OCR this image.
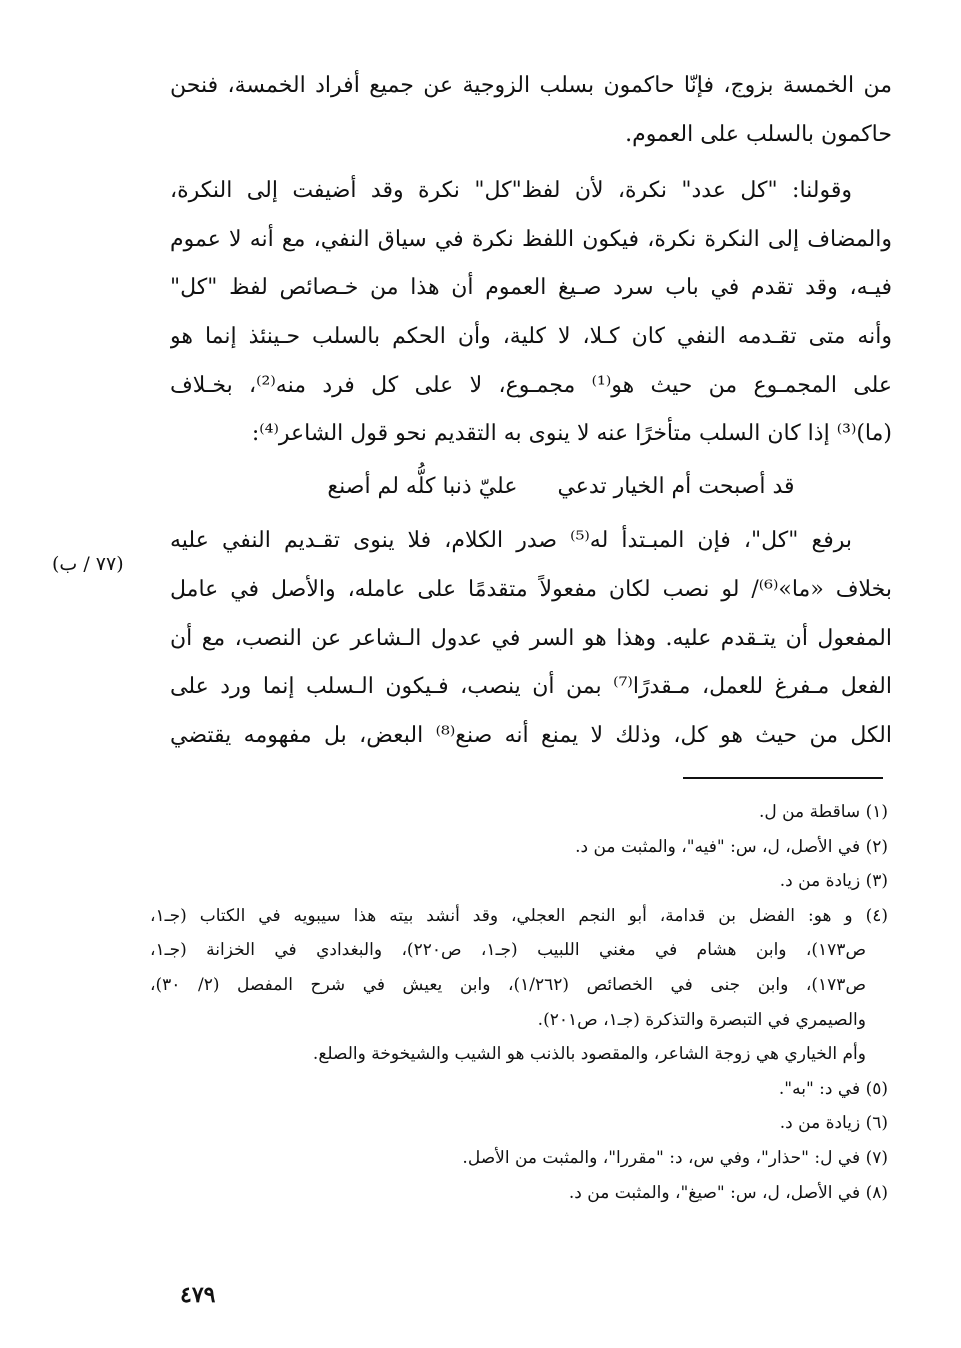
من الخمسة بزوج، فإنّا حاكمون بسلب الزوجية عن جميع أفراد الخمسة، فنحن
حاكمون بالسلب على العموم.

وقولنا: "كل عدد" نكرة، لأن لفظ"كل" نكرة وقد أضيفت إلى النكرة،
والمضاف إلى النكرة نكرة، فيكون اللفظ نكرة في سياق النفي، مع أنه لا عموم
فيـه، وقد تقدم في باب سرد صـيغ العموم أن هذا من خـصائص لفظ "كل"
وأنه متى تقـدمه النفي كان كـلا، لا كلية، وأن الحكم بالسلب حـينئذ إنما هو
على المجمـوع من حيث هو⁽¹⁾ مجمـوع، لا على كل فرد منه⁽²⁾، بخـلاف
(ما)⁽³⁾ إذا كان السلب متأخرًا عنه لا ينوى به التقديم نحو قول الشاعر⁽⁴⁾:

قد أصبحت أم الخيار تدعي
عليّ ذنبا كلُّه لم أصنع

برفع "كل"، فإن المبـتدأ له⁽⁵⁾ صدر الكلام، فلا ينوى تقـديم النفي عليه
بخلاف «ما»⁽⁶⁾/ لو نصب لكان مفعولاً متقدمًا على عامله، والأصل في عامل
المفعول أن يتـقدم عليه. وهذا هو السر في عدول الـشاعر عن النصب، مع أن
الفعل مـفرغ للعمل، مـقدرًا⁽⁷⁾ بمن أن ينصب، فـيكون الـسلب إنما ورد على
الكل من حيث هو كل، وذلك لا يمنع أنه صنع⁽⁸⁾ البعض، بل مفهومه يقتضي

(٧٧ / ب)
(١) ساقطة من ل.
(٢) في الأصل، ل، س: "فيه"، والمثبت من د.
(٣) زيادة من د.
(٤) و هو: الفضل بن قدامة، أبو النجم العجلي، وقد أنشد بيته هذا سيبويه في الكتاب (جـ١،
ص١٧٣)، وابن هشام في مغني اللبيب (جـ١، ص٢٢٠)، والبغدادي في الخزانة (جـ١،
ص١٧٣)، وابن جنى في الخصائص (١/٢٦٢)، وابن يعيش في شرح المفصل (٢/ ٣٠)،
والصيمري في التبصرة والتذكرة (جـ١، ص٢٠١).
وأم الخياري هي زوجة الشاعر، والمقصود بالذنب هو الشيب والشيخوخة والصلع.
(٥) في د: "به".
(٦) زيادة من د.
(٧) في ل: "حذار"، وفي س، د: "مقررا"، والمثبت من الأصل.
(٨) في الأصل، ل، س: "صيغ"، والمثبت من د.
٤٧٩
